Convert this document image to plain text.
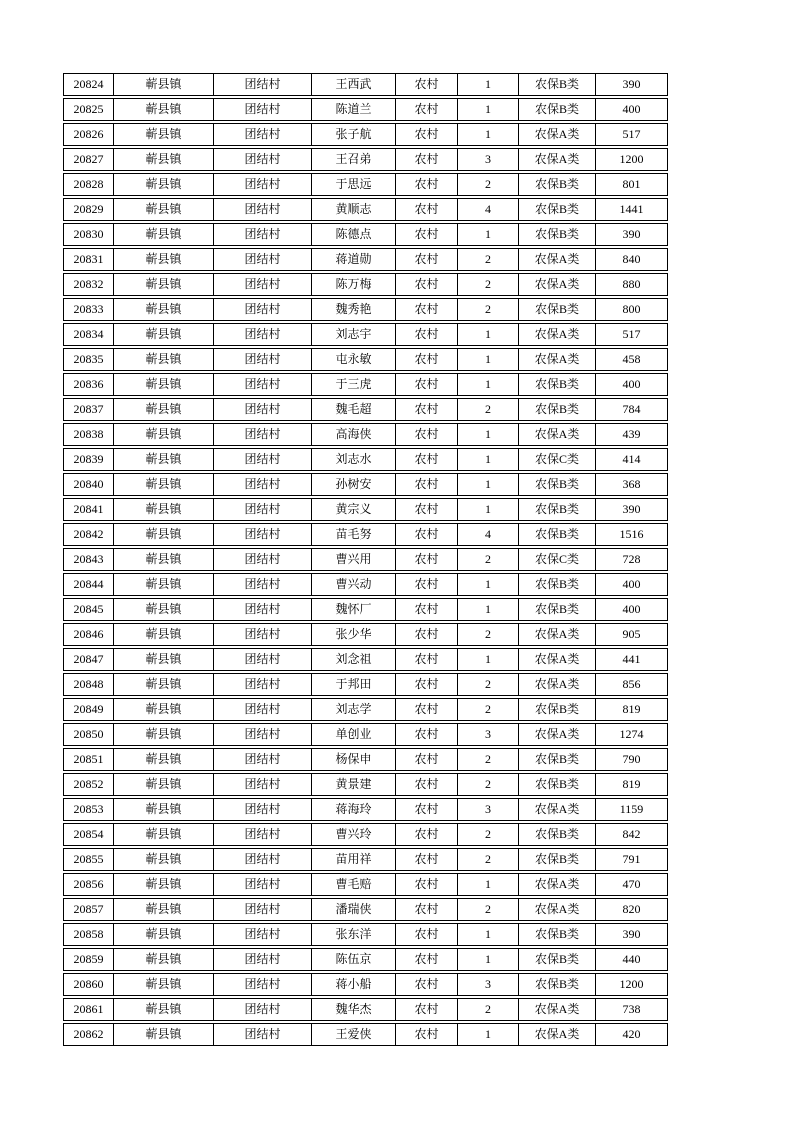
20824	蕲县镇	团结村	王西武	农村	1	农保B类	390
20825	蕲县镇	团结村	陈道兰	农村	1	农保B类	400
20826	蕲县镇	团结村	张子航	农村	1	农保A类	517
20827	蕲县镇	团结村	王召弟	农村	3	农保A类	1200
20828	蕲县镇	团结村	于思远	农村	2	农保B类	801
20829	蕲县镇	团结村	黄顺志	农村	4	农保B类	1441
20830	蕲县镇	团结村	陈德点	农村	1	农保B类	390
20831	蕲县镇	团结村	蒋道勋	农村	2	农保A类	840
20832	蕲县镇	团结村	陈万梅	农村	2	农保A类	880
20833	蕲县镇	团结村	魏秀艳	农村	2	农保B类	800
20834	蕲县镇	团结村	刘志宇	农村	1	农保A类	517
20835	蕲县镇	团结村	屯永敏	农村	1	农保A类	458
20836	蕲县镇	团结村	于三虎	农村	1	农保B类	400
20837	蕲县镇	团结村	魏毛超	农村	2	农保B类	784
20838	蕲县镇	团结村	高海侠	农村	1	农保A类	439
20839	蕲县镇	团结村	刘志水	农村	1	农保C类	414
20840	蕲县镇	团结村	孙树安	农村	1	农保B类	368
20841	蕲县镇	团结村	黄宗义	农村	1	农保B类	390
20842	蕲县镇	团结村	苗毛努	农村	4	农保B类	1516
20843	蕲县镇	团结村	曹兴用	农村	2	农保C类	728
20844	蕲县镇	团结村	曹兴动	农村	1	农保B类	400
20845	蕲县镇	团结村	魏怀厂	农村	1	农保B类	400
20846	蕲县镇	团结村	张少华	农村	2	农保A类	905
20847	蕲县镇	团结村	刘念祖	农村	1	农保A类	441
20848	蕲县镇	团结村	于邦田	农村	2	农保A类	856
20849	蕲县镇	团结村	刘志学	农村	2	农保B类	819
20850	蕲县镇	团结村	单创业	农村	3	农保A类	1274
20851	蕲县镇	团结村	杨保申	农村	2	农保B类	790
20852	蕲县镇	团结村	黄景建	农村	2	农保B类	819
20853	蕲县镇	团结村	蒋海玲	农村	3	农保A类	1159
20854	蕲县镇	团结村	曹兴玲	农村	2	农保B类	842
20855	蕲县镇	团结村	苗用祥	农村	2	农保B类	791
20856	蕲县镇	团结村	曹毛赔	农村	1	农保A类	470
20857	蕲县镇	团结村	潘瑞侠	农村	2	农保A类	820
20858	蕲县镇	团结村	张东洋	农村	1	农保B类	390
20859	蕲县镇	团结村	陈伍京	农村	1	农保B类	440
20860	蕲县镇	团结村	蒋小船	农村	3	农保B类	1200
20861	蕲县镇	团结村	魏华杰	农村	2	农保A类	738
20862	蕲县镇	团结村	王爱侠	农村	1	农保A类	420
